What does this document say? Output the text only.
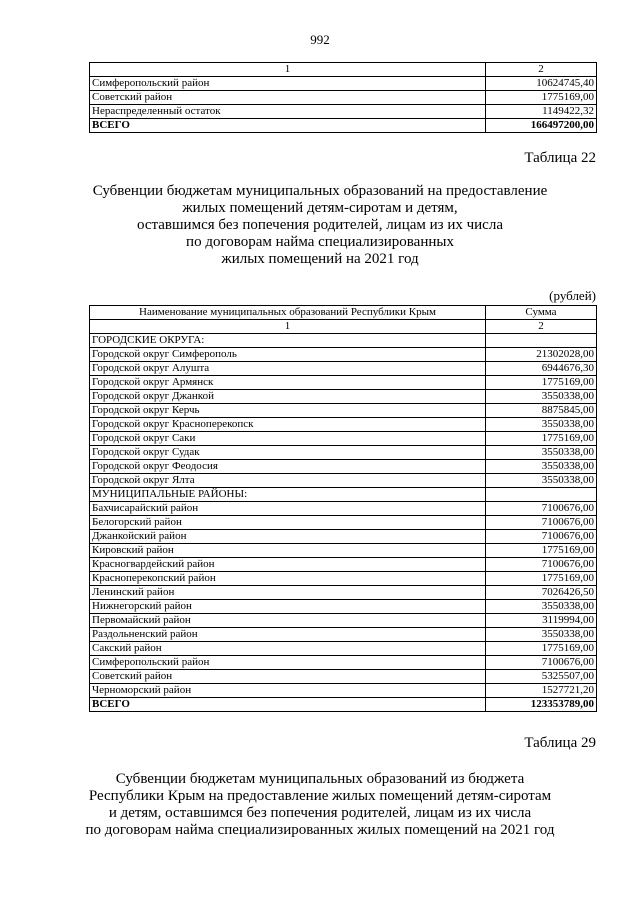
992
1	2
Симферопольский район	10624745,40
Советский район	1775169,00
Нераспределенный остаток	1149422,32
ВСЕГО	166497200,00
Таблица 22
Субвенции бюджетам муниципальных образований на предоставление
жилых помещений детям-сиротам и детям,
оставшимся без попечения родителей, лицам из их числа
по договорам найма специализированных
жилых помещений на 2021 год
(рублей)
Наименование муниципальных образований Республики Крым	Сумма
1	2
ГОРОДСКИЕ ОКРУГА:	
Городской округ Симферополь	21302028,00
Городской округ Алушта	6944676,30
Городской округ Армянск	1775169,00
Городской округ Джанкой	3550338,00
Городской округ Керчь	8875845,00
Городской округ Красноперекопск	3550338,00
Городской округ Саки	1775169,00
Городской округ Судак	3550338,00
Городской округ Феодосия	3550338,00
Городской округ Ялта	3550338,00
МУНИЦИПАЛЬНЫЕ РАЙОНЫ:	
Бахчисарайский район	7100676,00
Белогорский район	7100676,00
Джанкойский район	7100676,00
Кировский район	1775169,00
Красногвардейский район	7100676,00
Красноперекопский район	1775169,00
Ленинский район	7026426,50
Нижнегорский район	3550338,00
Первомайский район	3119994,00
Раздольненский район	3550338,00
Сакский район	1775169,00
Симферопольский район	7100676,00
Советский район	5325507,00
Черноморский район	1527721,20
ВСЕГО	123353789,00
Таблица 29
Субвенции бюджетам муниципальных образований из бюджета
Республики Крым на предоставление жилых помещений детям-сиротам
и детям, оставшимся без попечения родителей, лицам из их числа
по договорам найма специализированных жилых помещений на 2021 год
